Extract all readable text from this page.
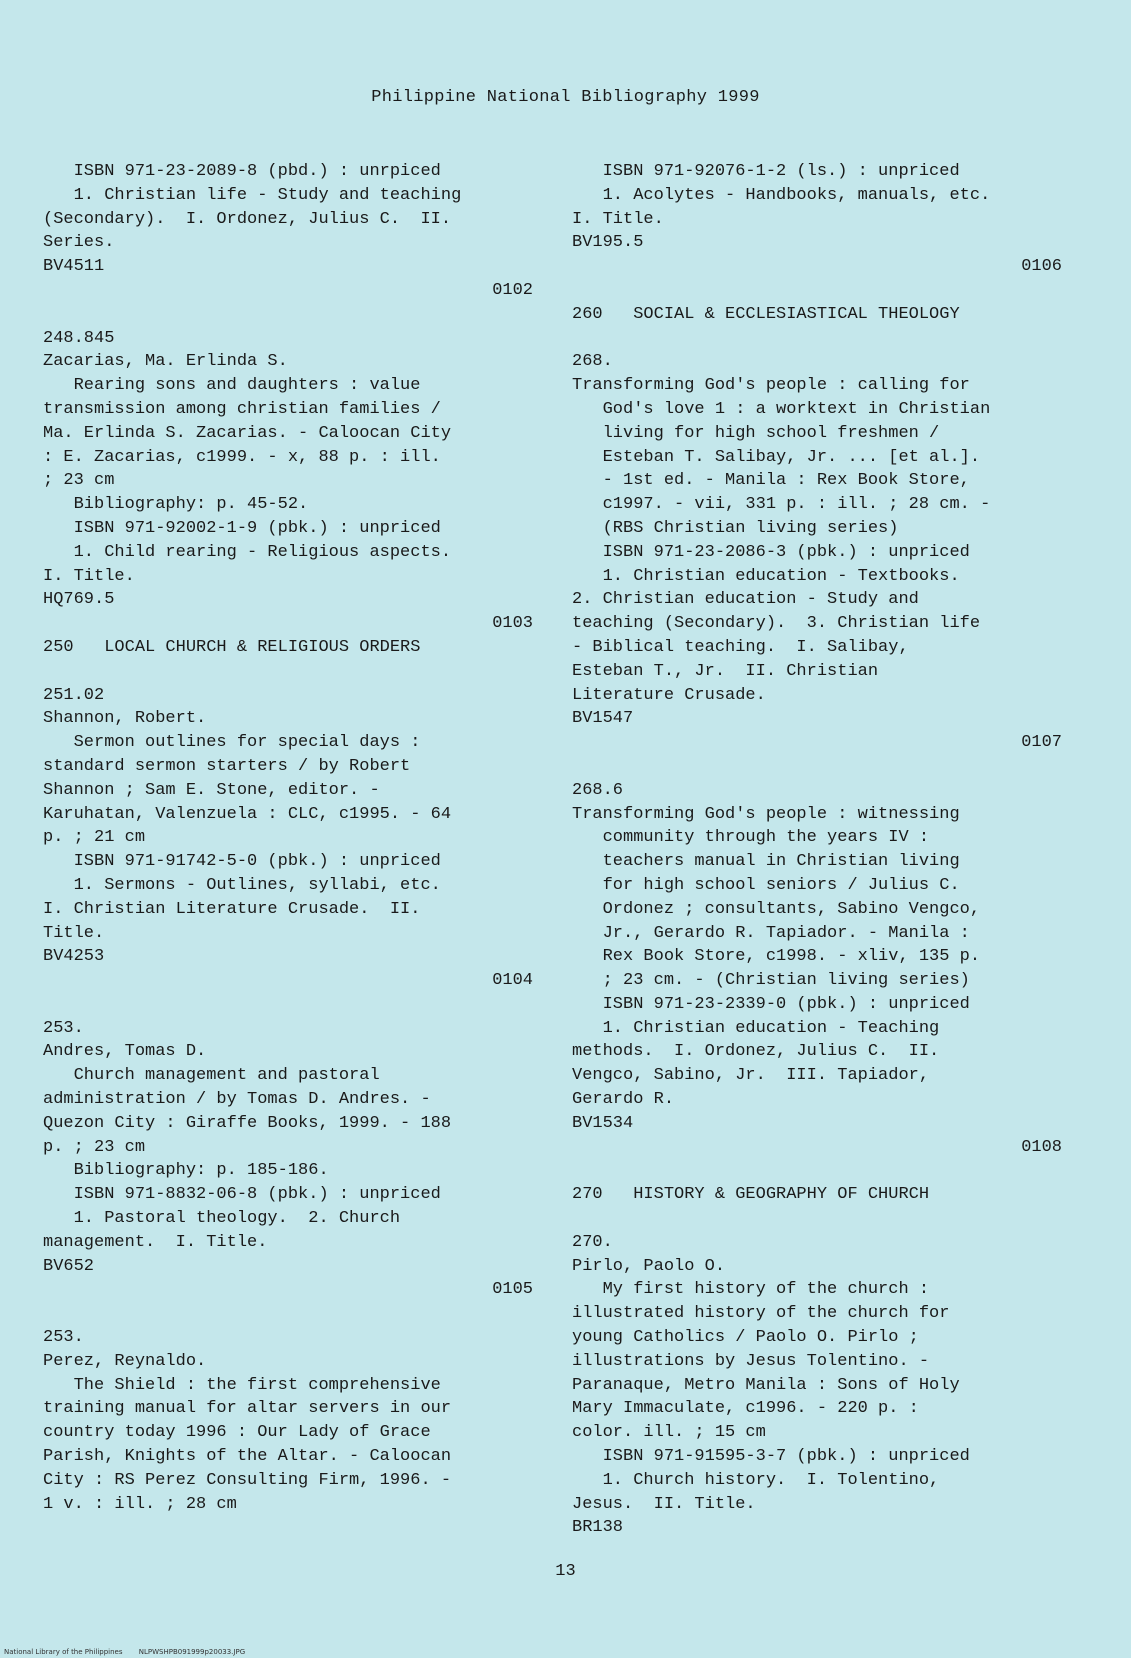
Philippine National Bibliography 1999
ISBN 971-23-2089-8 (pbd.) : unrpiced
1. Christian life - Study and teaching
(Secondary).  I. Ordonez, Julius C.  II.
Series.
BV4511
0102
248.845
Zacarias, Ma. Erlinda S.
Rearing sons and daughters : value
transmission among christian families /
Ma. Erlinda S. Zacarias. - Caloocan City
: E. Zacarias, c1999. - x, 88 p. : ill.
; 23 cm
Bibliography: p. 45-52.
ISBN 971-92002-1-9 (pbk.) : unpriced
1. Child rearing - Religious aspects.
I. Title.
HQ769.5
0103
250   LOCAL CHURCH & RELIGIOUS ORDERS
251.02
Shannon, Robert.
Sermon outlines for special days :
standard sermon starters / by Robert
Shannon ; Sam E. Stone, editor. -
Karuhatan, Valenzuela : CLC, c1995. - 64
p. ; 21 cm
ISBN 971-91742-5-0 (pbk.) : unpriced
1. Sermons - Outlines, syllabi, etc.
I. Christian Literature Crusade.  II.
Title.
BV4253
0104
253.
Andres, Tomas D.
Church management and pastoral
administration / by Tomas D. Andres. -
Quezon City : Giraffe Books, 1999. - 188
p. ; 23 cm
Bibliography: p. 185-186.
ISBN 971-8832-06-8 (pbk.) : unpriced
1. Pastoral theology.  2. Church
management.  I. Title.
BV652
0105
253.
Perez, Reynaldo.
The Shield : the first comprehensive
training manual for altar servers in our
country today 1996 : Our Lady of Grace
Parish, Knights of the Altar. - Caloocan
City : RS Perez Consulting Firm, 1996. -
1 v. : ill. ; 28 cm
ISBN 971-92076-1-2 (ls.) : unpriced
1. Acolytes - Handbooks, manuals, etc.
I. Title.
BV195.5
0106
260   SOCIAL & ECCLESIASTICAL THEOLOGY
268.
Transforming God's people : calling for
God's love 1 : a worktext in Christian
living for high school freshmen /
Esteban T. Salibay, Jr. ... [et al.].
- 1st ed. - Manila : Rex Book Store,
c1997. - vii, 331 p. : ill. ; 28 cm. -
(RBS Christian living series)
ISBN 971-23-2086-3 (pbk.) : unpriced
1. Christian education - Textbooks.
2. Christian education - Study and
teaching (Secondary).  3. Christian life
- Biblical teaching.  I. Salibay,
Esteban T., Jr.  II. Christian
Literature Crusade.
BV1547
0107
268.6
Transforming God's people : witnessing
community through the years IV :
teachers manual in Christian living
for high school seniors / Julius C.
Ordonez ; consultants, Sabino Vengco,
Jr., Gerardo R. Tapiador. - Manila :
Rex Book Store, c1998. - xliv, 135 p.
; 23 cm. - (Christian living series)
ISBN 971-23-2339-0 (pbk.) : unpriced
1. Christian education - Teaching
methods.  I. Ordonez, Julius C.  II.
Vengco, Sabino, Jr.  III. Tapiador,
Gerardo R.
BV1534
0108
270   HISTORY & GEOGRAPHY OF CHURCH
270.
Pirlo, Paolo O.
My first history of the church :
illustrated history of the church for
young Catholics / Paolo O. Pirlo ;
illustrations by Jesus Tolentino. -
Paranaque, Metro Manila : Sons of Holy
Mary Immaculate, c1996. - 220 p. :
color. ill. ; 15 cm
ISBN 971-91595-3-7 (pbk.) : unpriced
1. Church history.  I. Tolentino,
Jesus.  II. Title.
BR138
13
National Library of the Philippines NLPWSHPB091999p20033.JPG
